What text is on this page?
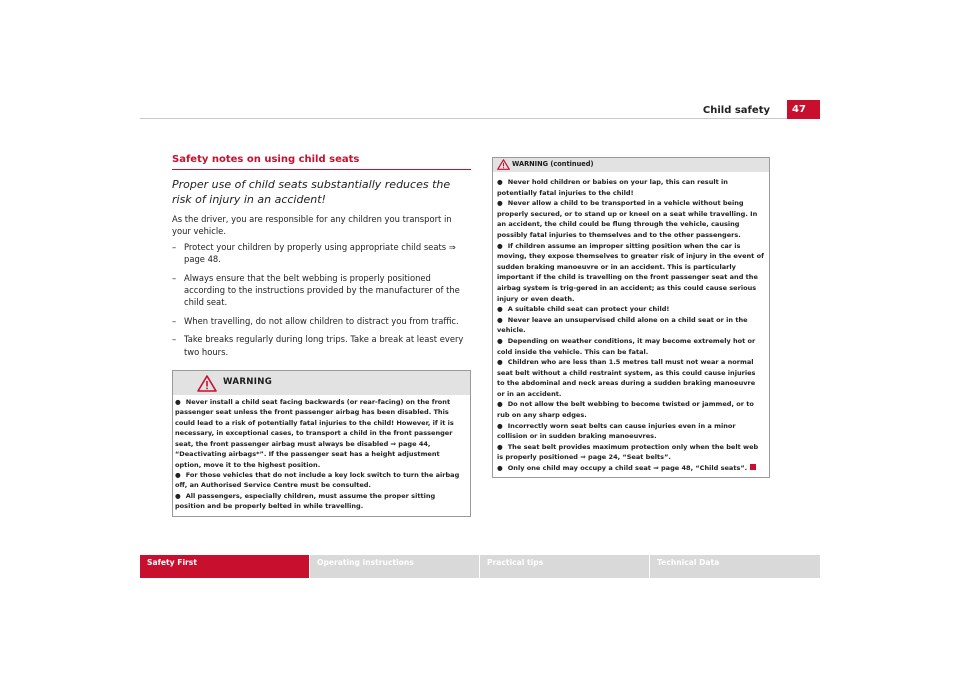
Child safety	47
Safety notes on using child seats
Proper use of child seats substantially reduces the risk of injury in an accident!

As the driver, you are responsible for any children you transport in your vehicle.

– Protect your children by properly using appropriate child seats ⇒ page 48.
– Always ensure that the belt webbing is properly positioned according to the instructions provided by the manufacturer of the child seat.
– When travelling, do not allow children to distract you from traffic.
– Take breaks regularly during long trips. Take a break at least every two hours.
WARNING

● Never install a child seat facing backwards (or rear-facing) on the front passenger seat unless the front passenger airbag has been disabled. This could lead to a risk of potentially fatal injuries to the child! However, if it is necessary, in exceptional cases, to transport a child in the front passenger seat, the front passenger airbag must always be disabled ⇒ page 44, “Deactivating airbags*”. If the passenger seat has a height adjustment option, move it to the highest position.

● For those vehicles that do not include a key lock switch to turn the airbag off, an Authorised Service Centre must be consulted.

● All passengers, especially children, must assume the proper sitting position and be properly belted in while travelling.

WARNING (continued)

● Never hold children or babies on your lap, this can result in potentially fatal injuries to the child!

● Never allow a child to be transported in a vehicle without being properly secured, or to stand up or kneel on a seat while travelling. In an accident, the child could be flung through the vehicle, causing possibly fatal injuries to themselves and to the other passengers.

● If children assume an improper sitting position when the car is moving, they expose themselves to greater risk of injury in the event of sudden braking manoeuvre or in an accident. This is particularly important if the child is travelling on the front passenger seat and the airbag system is trig-gered in an accident; as this could cause serious injury or even death.

● A suitable child seat can protect your child!

● Never leave an unsupervised child alone on a child seat or in the vehicle.

● Depending on weather conditions, it may become extremely hot or cold inside the vehicle. This can be fatal.

● Children who are less than 1.5 metres tall must not wear a normal seat belt without a child restraint system, as this could cause injuries to the abdominal and neck areas during a sudden braking manoeuvre or in an accident.

● Do not allow the belt webbing to become twisted or jammed, or to rub on any sharp edges.

● Incorrectly worn seat belts can cause injuries even in a minor collision or in sudden braking manoeuvres.

● The seat belt provides maximum protection only when the belt web is properly positioned ⇒ page 24, “Seat belts”.

● Only one child may occupy a child seat ⇒ page 48, “Child seats”.

Safety First	Operating instructions	Practical tips	Technical Data
